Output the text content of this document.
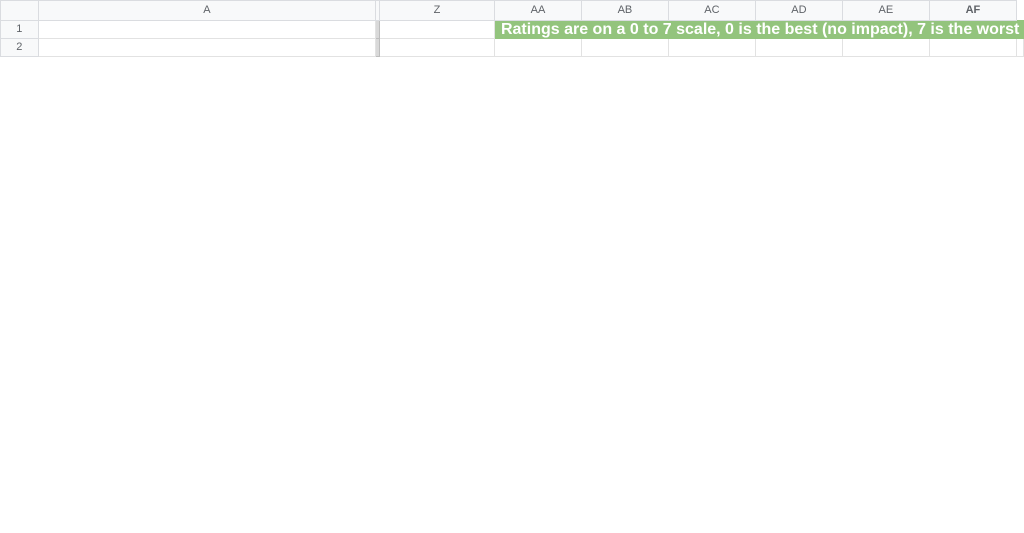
	A		Z	AA	AB	AC	AD	AE	AF	
1				Ratings are on a 0 to 7 scale, 0 is the best (no impact), 7 is the worst						
2										
